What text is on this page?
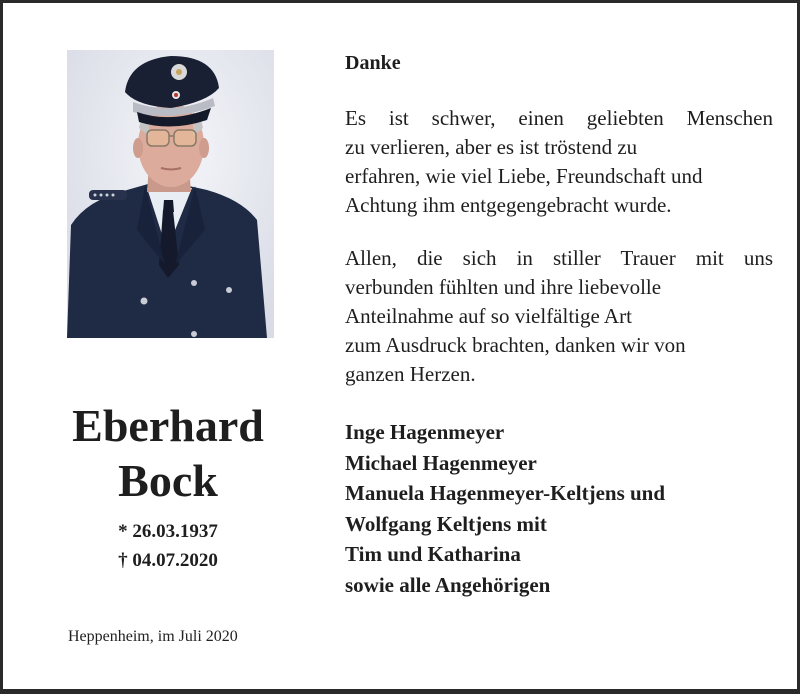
Eberhard
Bock
* 26.03.1937
† 04.07.2020
Heppenheim, im Juli 2020

Danke

Es ist schwer, einen geliebten Menschen
zu verlieren, aber es ist tröstend zu
erfahren, wie viel Liebe, Freundschaft und
Achtung ihm entgegengebracht wurde.
Allen, die sich in stiller Trauer mit uns
verbunden fühlten und ihre liebevolle
Anteilnahme auf so vielfältige Art
zum Ausdruck brachten, danken wir von
ganzen Herzen.
Inge Hagenmeyer
Michael Hagenmeyer
Manuela Hagenmeyer-Keltjens und
Wolfgang Keltjens mit
Tim und Katharina
sowie alle Angehörigen
